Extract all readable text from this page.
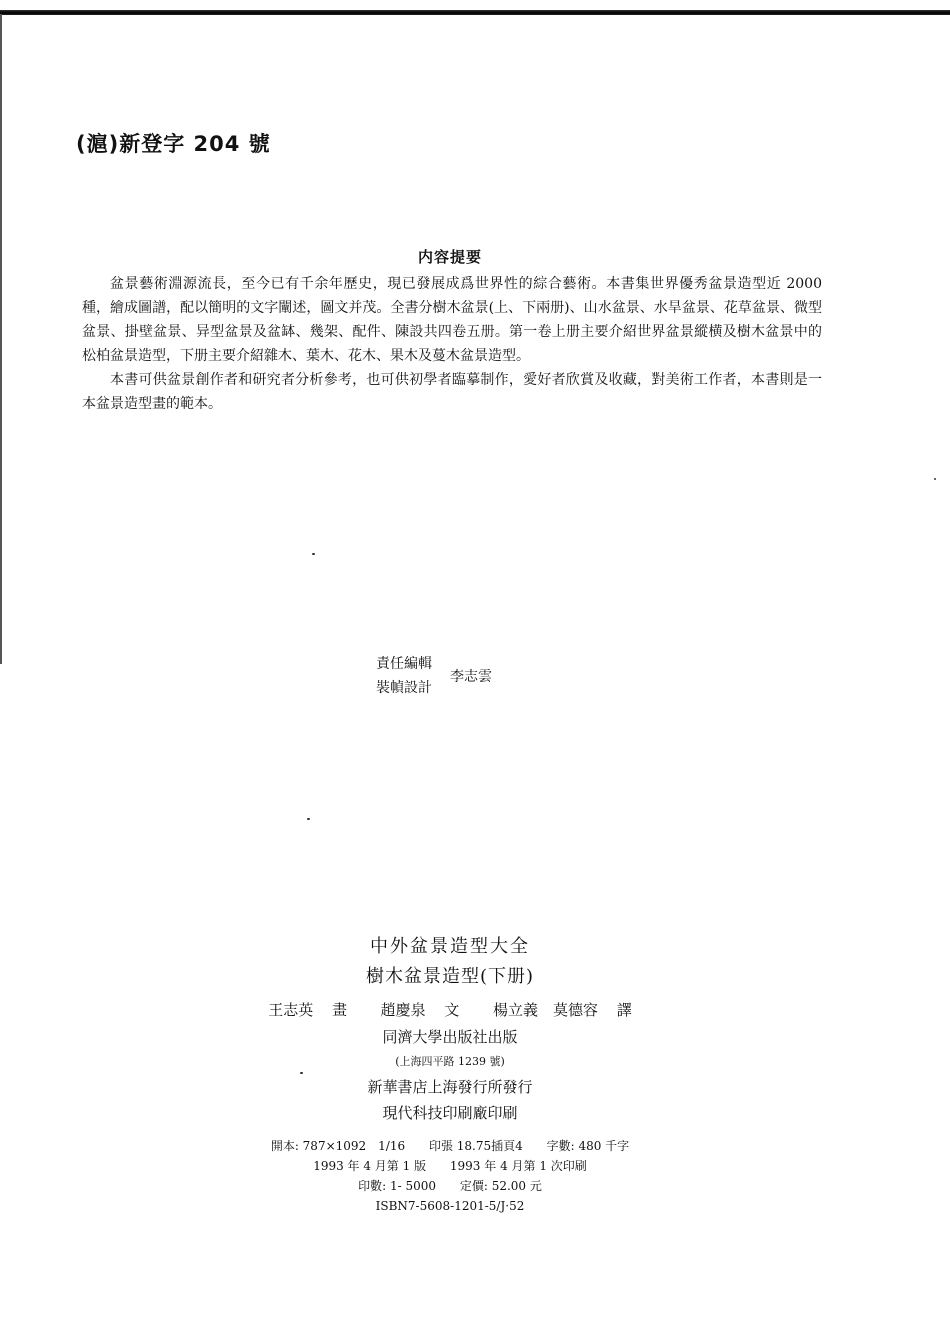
(滬)新登字 204 號
内容提要

盆景藝術淵源流長，至今已有千余年歷史，現已發展成爲世界性的綜合藝術。本書集世界優秀盆景造型近 2000 種，繪成圖譜，配以簡明的文字闡述，圖文并茂。全書分樹木盆景(上、下兩册)、山水盆景、水旱盆景、花草盆景、微型盆景、掛壁盆景、异型盆景及盆缽、幾架、配件、陳設共四卷五册。第一卷上册主要介紹世界盆景縱横及樹木盆景中的松柏盆景造型，下册主要介紹雜木、葉木、花木、果木及蔓木盆景造型。

本書可供盆景創作者和研究者分析參考，也可供初學者臨摹制作，愛好者欣賞及收藏，對美術工作者，本書則是一本盆景造型畫的範本。

責任編輯
裝幀設計
李志雲
中外盆景造型大全
樹木盆景造型(下册)
王志英 畫 趙慶泉 文 楊立義　莫德容 譯
同濟大學出版社出版
(上海四平路 1239 號)
新華書店上海發行所發行
現代科技印刷廠印刷
開本: 787×1092　1/16 印張 18.75插頁4 字數: 480 千字
1993 年 4 月第 1 版 1993 年 4 月第 1 次印刷
印數: 1- 5000 定價: 52.00 元
ISBN7-5608-1201-5/J·52
